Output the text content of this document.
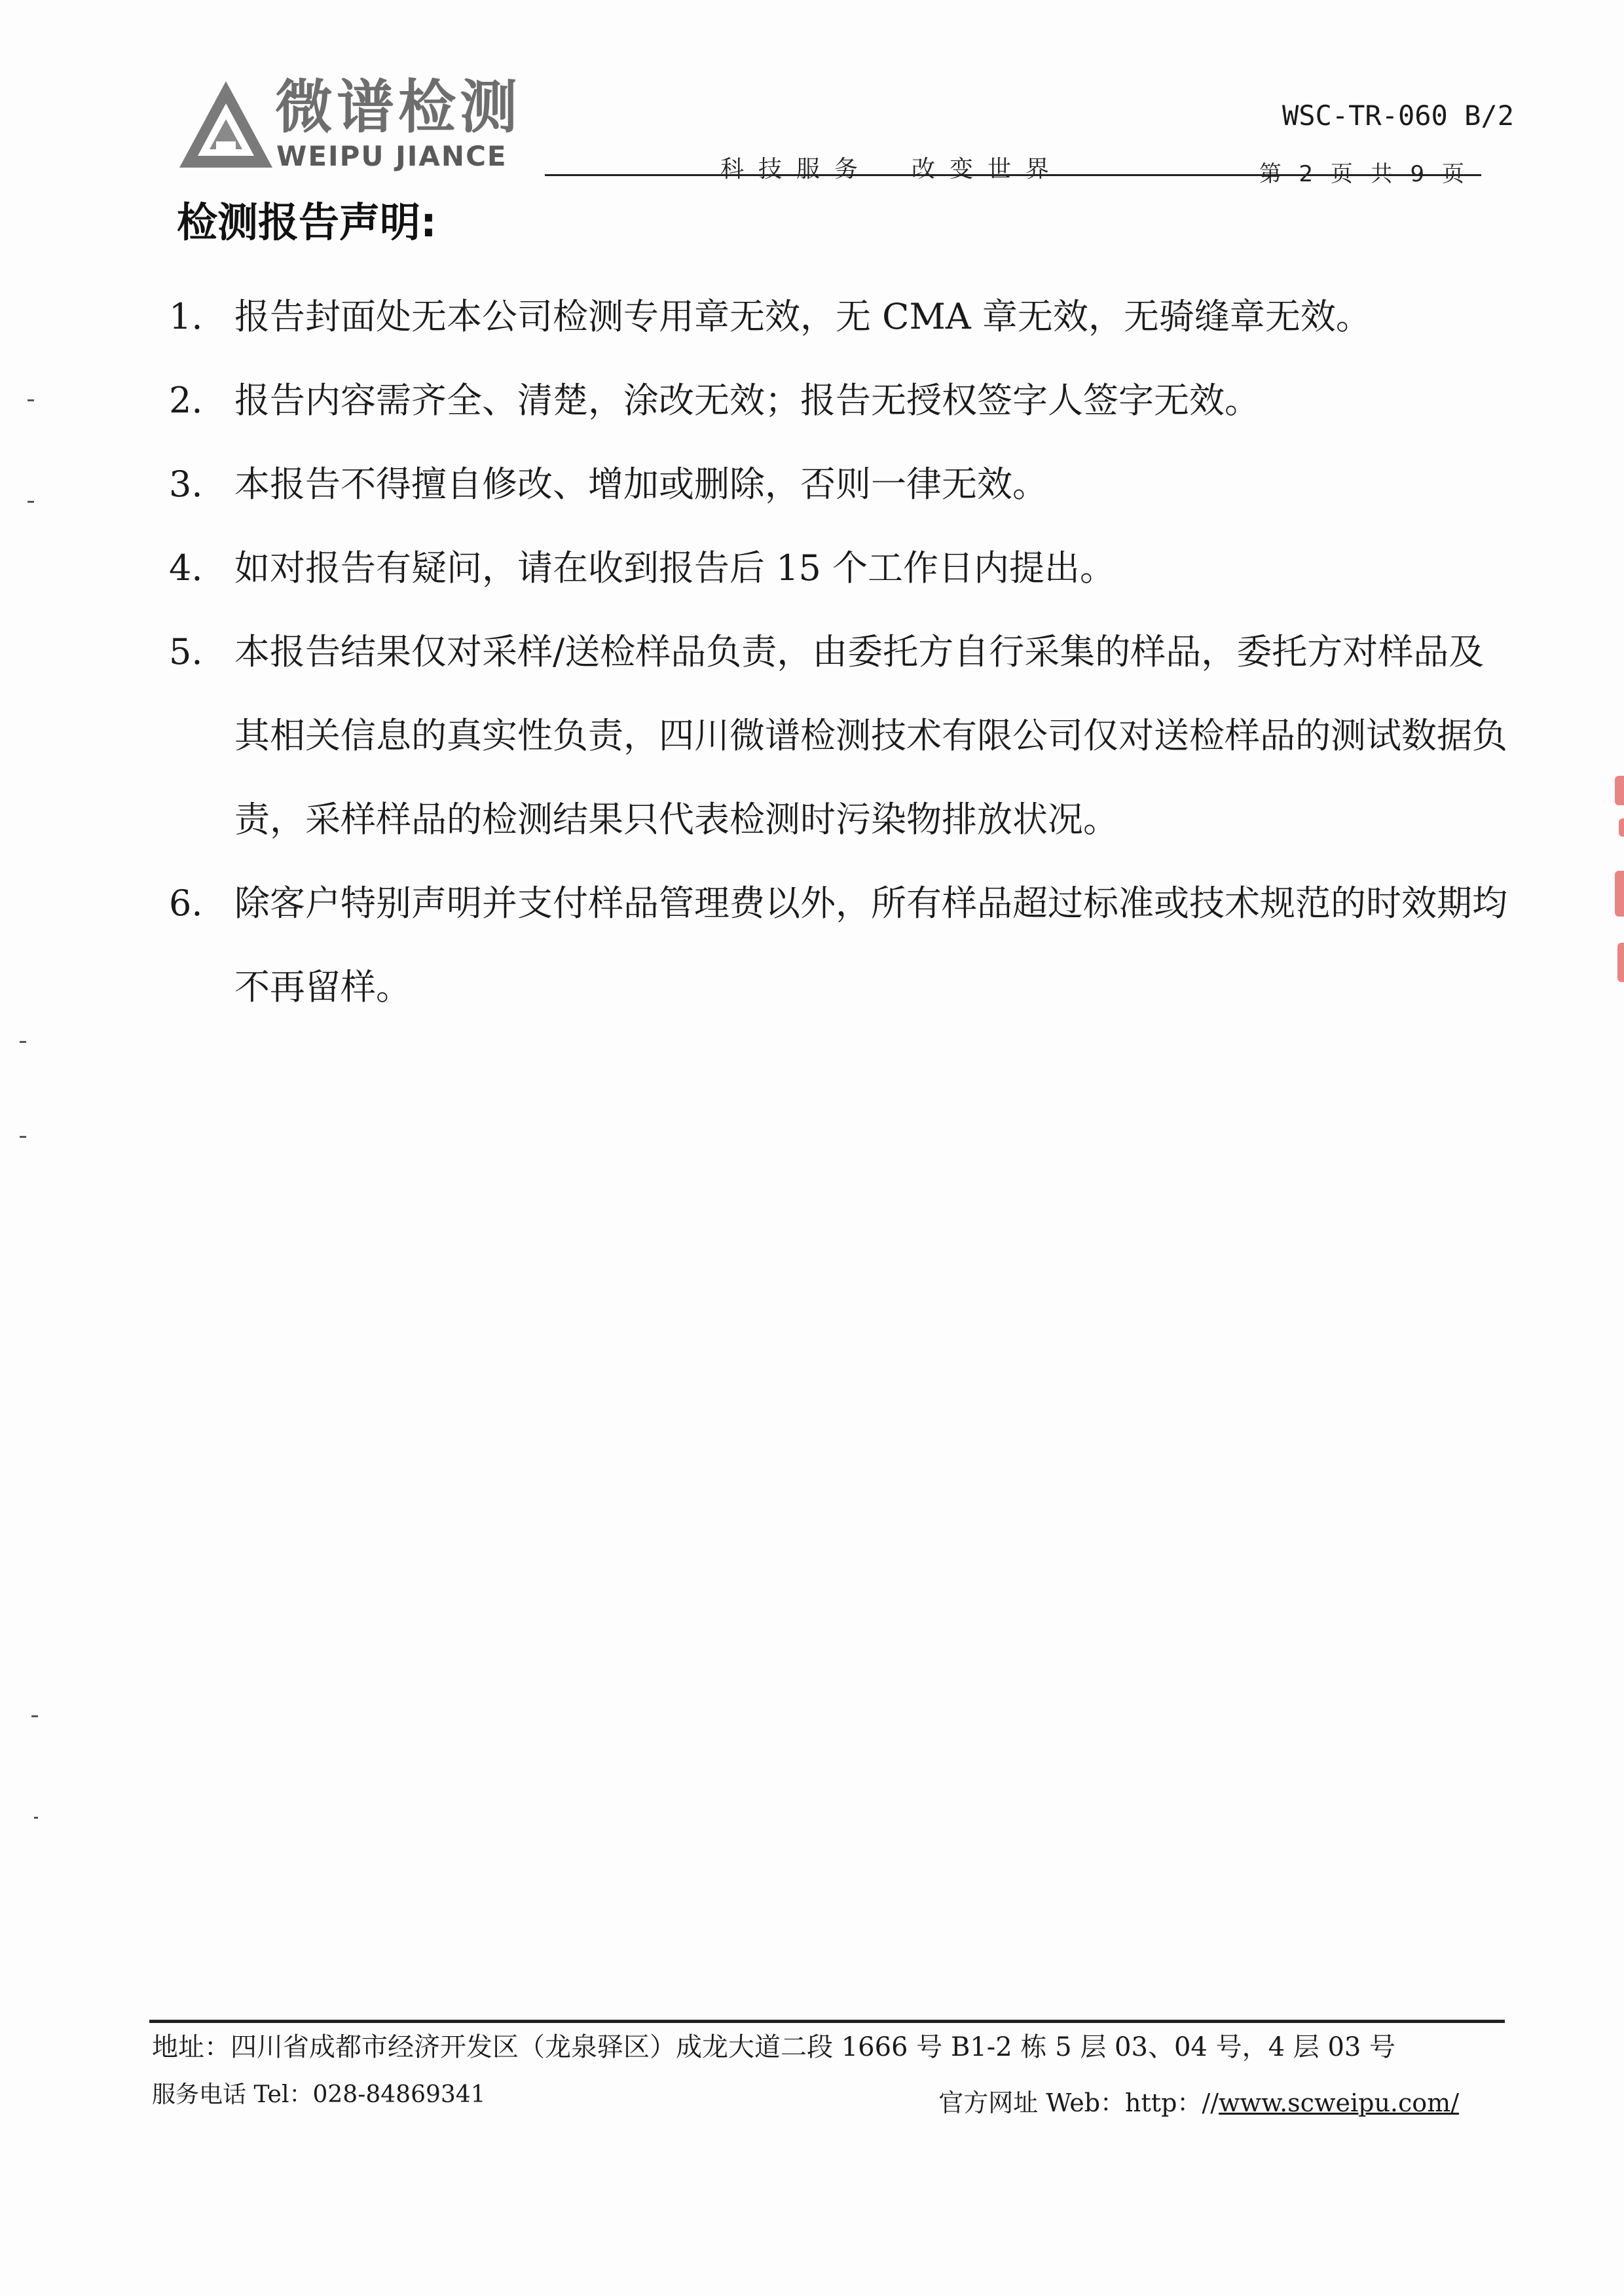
微谱检测
WEIPU JIANCE
WSC-TR-060 B/2
科技服务 改变世界	第 2 页 共 9 页
检测报告声明:
1. 报告封面处无本公司检测专用章无效，无 CMA 章无效，无骑缝章无效。
2. 报告内容需齐全、清楚，涂改无效；报告无授权签字人签字无效。
3. 本报告不得擅自修改、增加或删除，否则一律无效。
4. 如对报告有疑问，请在收到报告后 15 个工作日内提出。
5. 本报告结果仅对采样/送检样品负责，由委托方自行采集的样品，委托方对样品及其相关信息的真实性负责，四川微谱检测技术有限公司仅对送检样品的测试数据负责，采样样品的检测结果只代表检测时污染物排放状况。
6. 除客户特别声明并支付样品管理费以外，所有样品超过标准或技术规范的时效期均不再留样。
地址：四川省成都市经济开发区（龙泉驿区）成龙大道二段 1666 号 B1-2 栋 5 层 03、04 号，4 层 03 号
服务电话 Tel：028-84869341	官方网址 Web：http：//www.scweipu.com/
